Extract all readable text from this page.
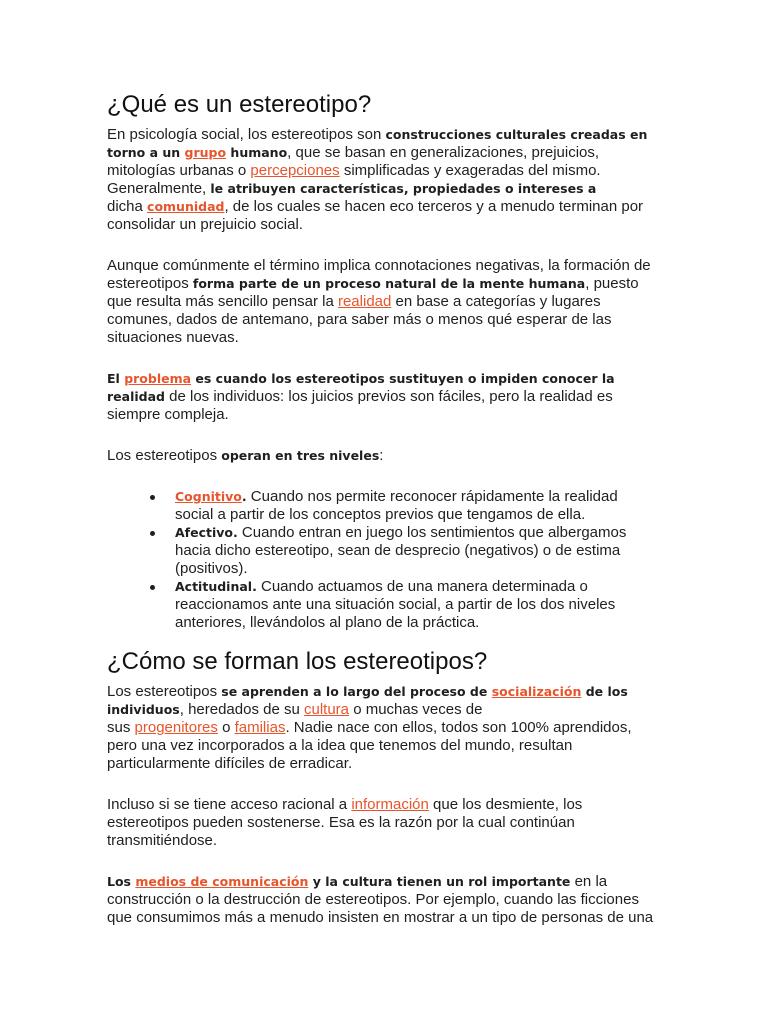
¿Qué es un estereotipo?

En psicología social, los estereotipos son construcciones culturales creadas en
torno a un grupo humano, que se basan en generalizaciones, prejuicios,
mitologías urbanas o percepciones simplificadas y exageradas del mismo.
Generalmente, le atribuyen características, propiedades o intereses a
dicha comunidad, de los cuales se hacen eco terceros y a menudo terminan por
consolidar un prejuicio social.

Aunque comúnmente el término implica connotaciones negativas, la formación de
estereotipos forma parte de un proceso natural de la mente humana, puesto
que resulta más sencillo pensar la realidad en base a categorías y lugares
comunes, dados de antemano, para saber más o menos qué esperar de las
situaciones nuevas.

El problema es cuando los estereotipos sustituyen o impiden conocer la
realidad de los individuos: los juicios previos son fáciles, pero la realidad es
siempre compleja.

Los estereotipos operan en tres niveles:

Cognitivo. Cuando nos permite reconocer rápidamente la realidad
social a partir de los conceptos previos que tengamos de ella.
Afectivo. Cuando entran en juego los sentimientos que albergamos
hacia dicho estereotipo, sean de desprecio (negativos) o de estima
(positivos).
Actitudinal. Cuando actuamos de una manera determinada o
reaccionamos ante una situación social, a partir de los dos niveles
anteriores, llevándolos al plano de la práctica.
¿Cómo se forman los estereotipos?

Los estereotipos se aprenden a lo largo del proceso de socialización de los
individuos, heredados de su cultura o muchas veces de
sus progenitores o familias. Nadie nace con ellos, todos son 100% aprendidos,
pero una vez incorporados a la idea que tenemos del mundo, resultan
particularmente difíciles de erradicar.

Incluso si se tiene acceso racional a información que los desmiente, los
estereotipos pueden sostenerse. Esa es la razón por la cual continúan
transmitiéndose.

Los medios de comunicación y la cultura tienen un rol importante en la
construcción o la destrucción de estereotipos. Por ejemplo, cuando las ficciones
que consumimos más a menudo insisten en mostrar a un tipo de personas de una
